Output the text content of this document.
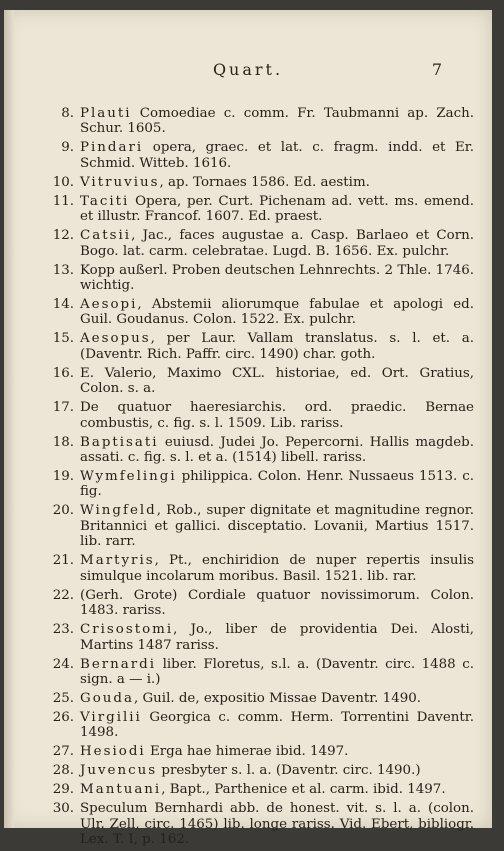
Quart.	7
8. Plauti Comoediae c. comm. Fr. Taubmanni ap. Zach. Schur. 1605.
9. Pindari opera, graec. et lat. c. fragm. indd. et Er. Schmid. Witteb. 1616.
10. Vitruvius, ap. Tornaes 1586. Ed. aestim.
11. Taciti Opera, per. Curt. Pichenam ad. vett. ms. emend. et illustr. Francof. 1607. Ed. praest.
12. Catsii, Jac., faces augustae a. Casp. Barlaeo et Corn. Bogo. lat. carm. celebratae. Lugd. B. 1656. Ex. pulchr.
13. Kopp außerl. Proben deutschen Lehnrechts. 2 Thle. 1746. wichtig.
14. Aesopi, Abstemii aliorumque fabulae et apologi ed. Guil. Goudanus. Colon. 1522. Ex. pulchr.
15. Aesopus, per Laur. Vallam translatus. s. l. et. a. (Daventr. Rich. Paffr. circ. 1490) char. goth.
16. E. Valerio, Maximo CXL. historiae, ed. Ort. Gratius, Colon. s. a.
17. De quatuor haeresiarchis. ord. praedic. Bernae combustis, c. fig. s. l. 1509. Lib. rariss.
18. Baptisati euiusd. Judei Jo. Pepercorni. Hallis magdeb. assati. c. fig. s. l. et a. (1514) libell. rariss.
19. Wymfelingi philippica. Colon. Henr. Nussaeus 1513. c. fig.
20. Wingfeld, Rob., super dignitate et magnitudine regnor. Britannici et gallici. disceptatio. Lovanii, Martius 1517. lib. rarr.
21. Martyris, Pt., enchiridion de nuper repertis insulis simulque incolarum moribus. Basil. 1521. lib. rar.
22. (Gerh. Grote) Cordiale quatuor novissimorum. Colon. 1483. rariss.
23. Crisostomi, Jo., liber de providentia Dei. Alosti, Martins 1487 rariss.
24. Bernardi liber. Floretus, s.l. a. (Daventr. circ. 1488 c. sign. a — i.)
25. Gouda, Guil. de, expositio Missae Daventr. 1490.
26. Virgilii Georgica c. comm. Herm. Torrentini Daventr. 1498.
27. Hesiodi Erga hae himerae ibid. 1497.
28. Juvencus presbyter s. l. a. (Daventr. circ. 1490.)
29. Mantuani, Bapt., Parthenice et al. carm. ibid. 1497.
30. Speculum Bernhardi abb. de honest. vit. s. l. a. (colon. Ulr. Zell, circ. 1465) lib. longe rariss. Vid. Ebert, bibliogr. Lex. T. I, p. 162.
